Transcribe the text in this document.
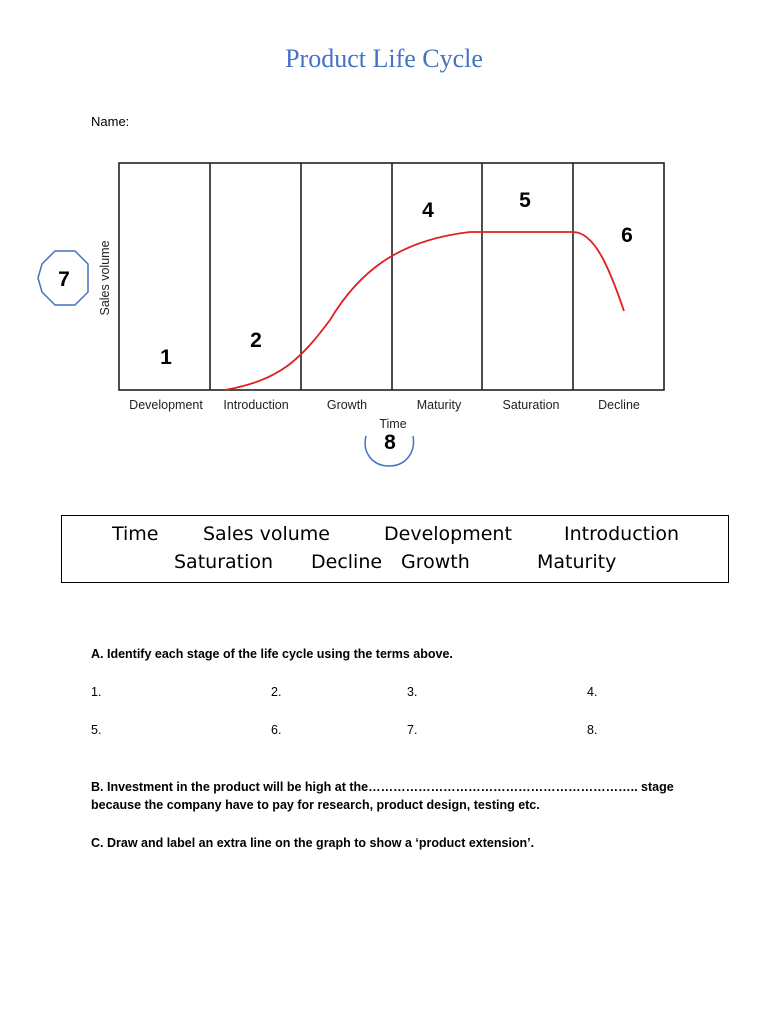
Product Life Cycle
Name:
Development Introduction	Growth	Maturity	Saturation	Decline
Time
Sales volume
1
2
4	5
6
7
8
Time Sales volume	Development	Introduction
Saturation Decline Growth	Maturity
A. Identify each stage of the life cycle using the terms above.
1.	2.	3.	4.
5.	6.	7.	8.
B. Investment in the product will be high at the……………………………………………………….. stage
because the company have to pay for research, product design, testing etc.
C. Draw and label an extra line on the graph to show a ‘product extension’.
